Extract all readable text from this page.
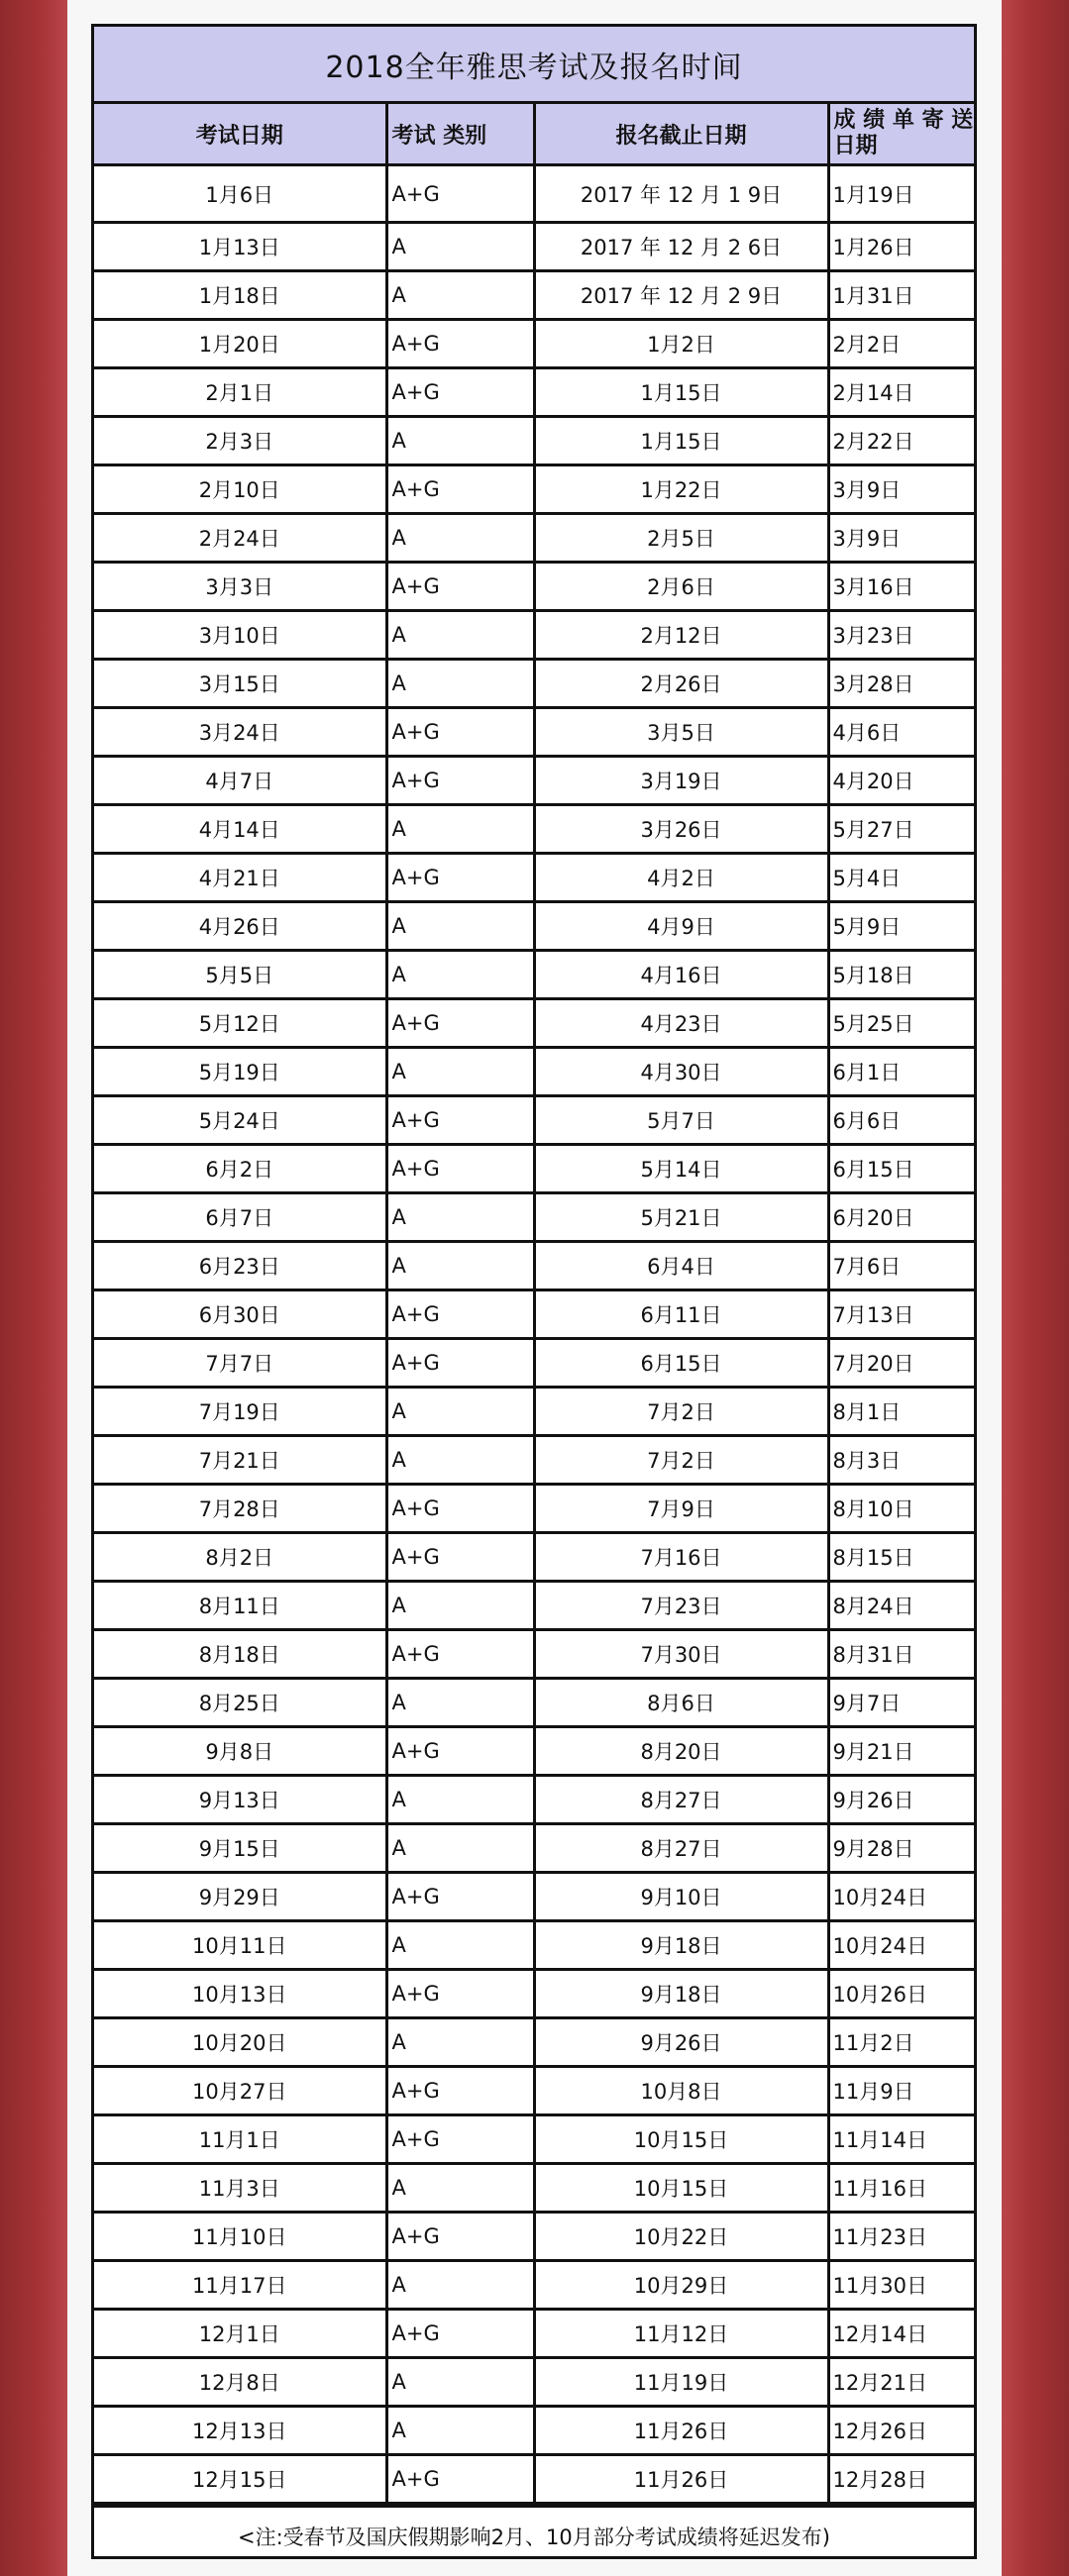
2018全年雅思考试及报名时间
考试日期	考试 类别	报名截止日期	成 绩 单 寄 送 日期
1月6日	A+G	2017 年 12 月 1 9日	1月19日
1月13日	A	2017 年 12 月 2 6日	1月26日
1月18日	A	2017 年 12 月 2 9日	1月31日
1月20日	A+G	1月2日	2月2日
2月1日	A+G	1月15日	2月14日
2月3日	A	1月15日	2月22日
2月10日	A+G	1月22日	3月9日
2月24日	A	2月5日	3月9日
3月3日	A+G	2月6日	3月16日
3月10日	A	2月12日	3月23日
3月15日	A	2月26日	3月28日
3月24日	A+G	3月5日	4月6日
4月7日	A+G	3月19日	4月20日
4月14日	A	3月26日	5月27日
4月21日	A+G	4月2日	5月4日
4月26日	A	4月9日	5月9日
5月5日	A	4月16日	5月18日
5月12日	A+G	4月23日	5月25日
5月19日	A	4月30日	6月1日
5月24日	A+G	5月7日	6月6日
6月2日	A+G	5月14日	6月15日
6月7日	A	5月21日	6月20日
6月23日	A	6月4日	7月6日
6月30日	A+G	6月11日	7月13日
7月7日	A+G	6月15日	7月20日
7月19日	A	7月2日	8月1日
7月21日	A	7月2日	8月3日
7月28日	A+G	7月9日	8月10日
8月2日	A+G	7月16日	8月15日
8月11日	A	7月23日	8月24日
8月18日	A+G	7月30日	8月31日
8月25日	A	8月6日	9月7日
9月8日	A+G	8月20日	9月21日
9月13日	A	8月27日	9月26日
9月15日	A	8月27日	9月28日
9月29日	A+G	9月10日	10月24日
10月11日	A	9月18日	10月24日
10月13日	A+G	9月18日	10月26日
10月20日	A	9月26日	11月2日
10月27日	A+G	10月8日	11月9日
11月1日	A+G	10月15日	11月14日
11月3日	A	10月15日	11月16日
11月10日	A+G	10月22日	11月23日
11月17日	A	10月29日	11月30日
12月1日	A+G	11月12日	12月14日
12月8日	A	11月19日	12月21日
12月13日	A	11月26日	12月26日
12月15日	A+G	11月26日	12月28日
<注:受春节及国庆假期影响2月、10月部分考试成绩将延迟发布)
